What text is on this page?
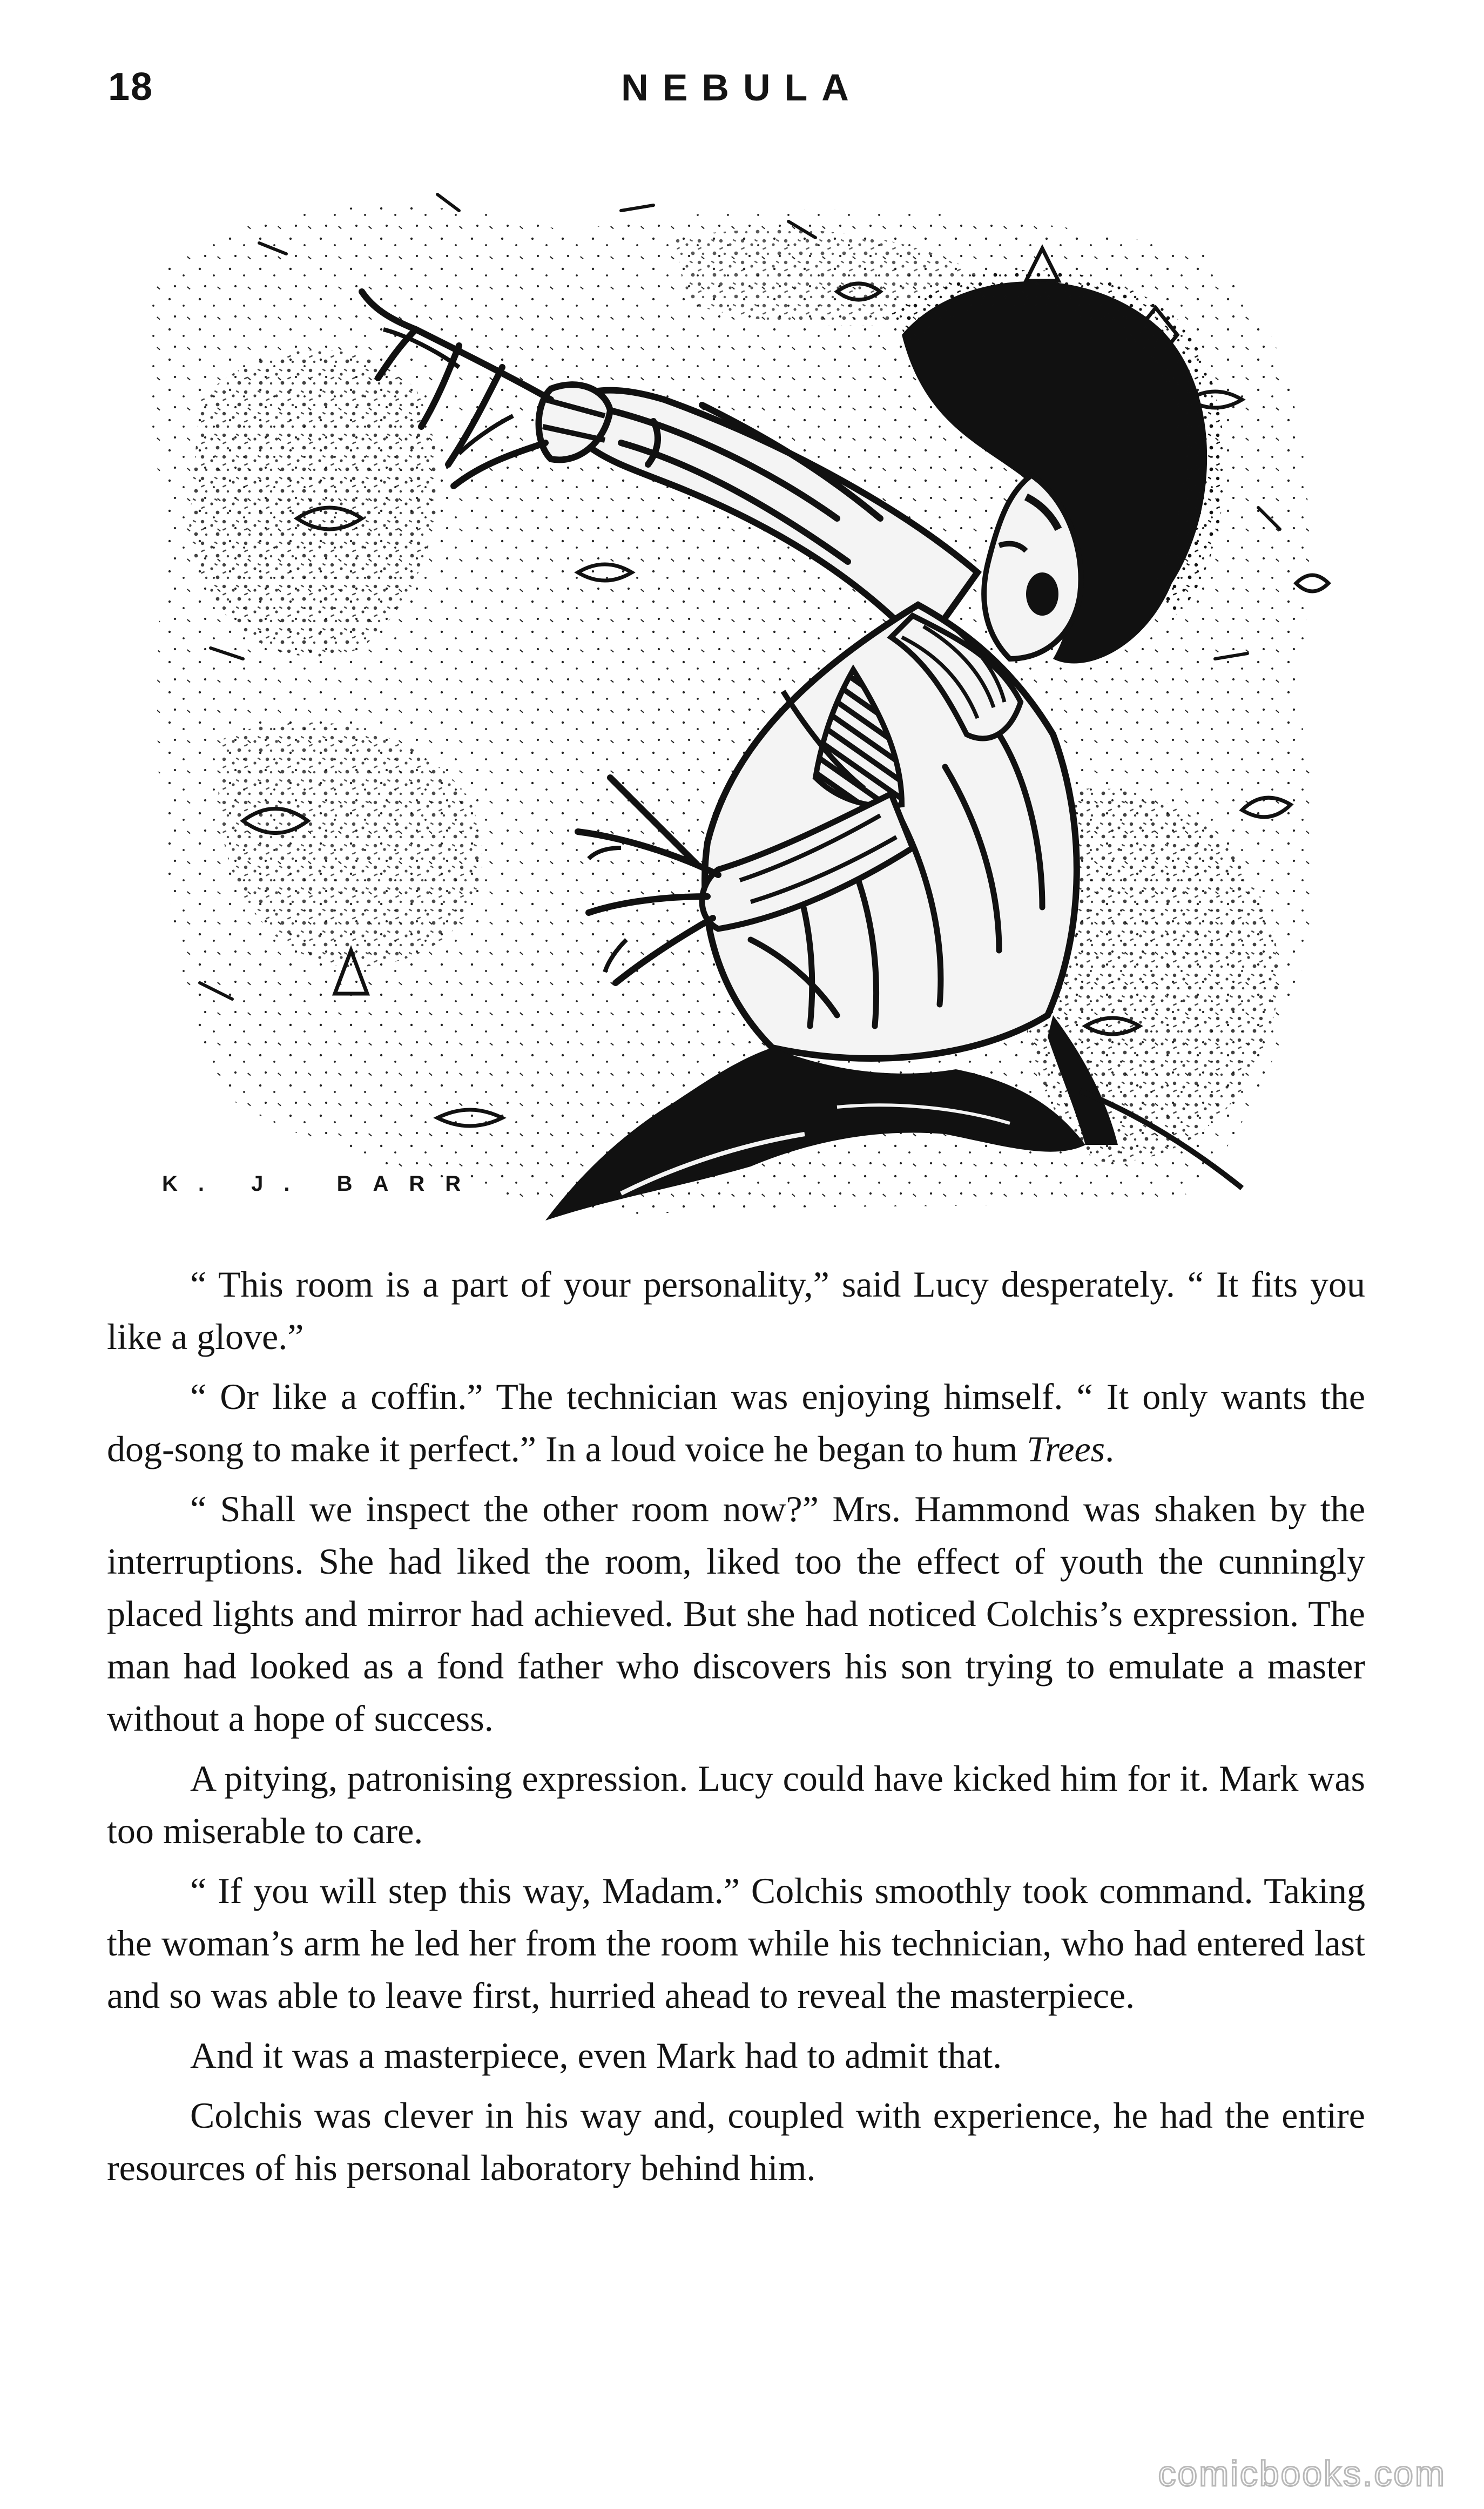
18	NEBULA
K. J. BARR

“ This room is a part of your personality,” said Lucy desperately. “ It fits you like a glove.”

“ Or like a coffin.” The technician was enjoying himself. “ It only wants the dog-song to make it perfect.” In a loud voice he began to hum Trees.

“ Shall we inspect the other room now?” Mrs. Hammond was shaken by the interruptions. She had liked the room, liked too the effect of youth the cunningly placed lights and mirror had achieved. But she had noticed Colchis’s expression. The man had looked as a fond father who discovers his son trying to emulate a master without a hope of success.

A pitying, patronising expression. Lucy could have kicked him for it. Mark was too miserable to care.

“ If you will step this way, Madam.” Colchis smoothly took command. Taking the woman’s arm he led her from the room while his technician, who had entered last and so was able to leave first, hurried ahead to reveal the masterpiece.

And it was a masterpiece, even Mark had to admit that.

Colchis was clever in his way and, coupled with experience, he had the entire resources of his personal laboratory behind him.

comicbooks.com
